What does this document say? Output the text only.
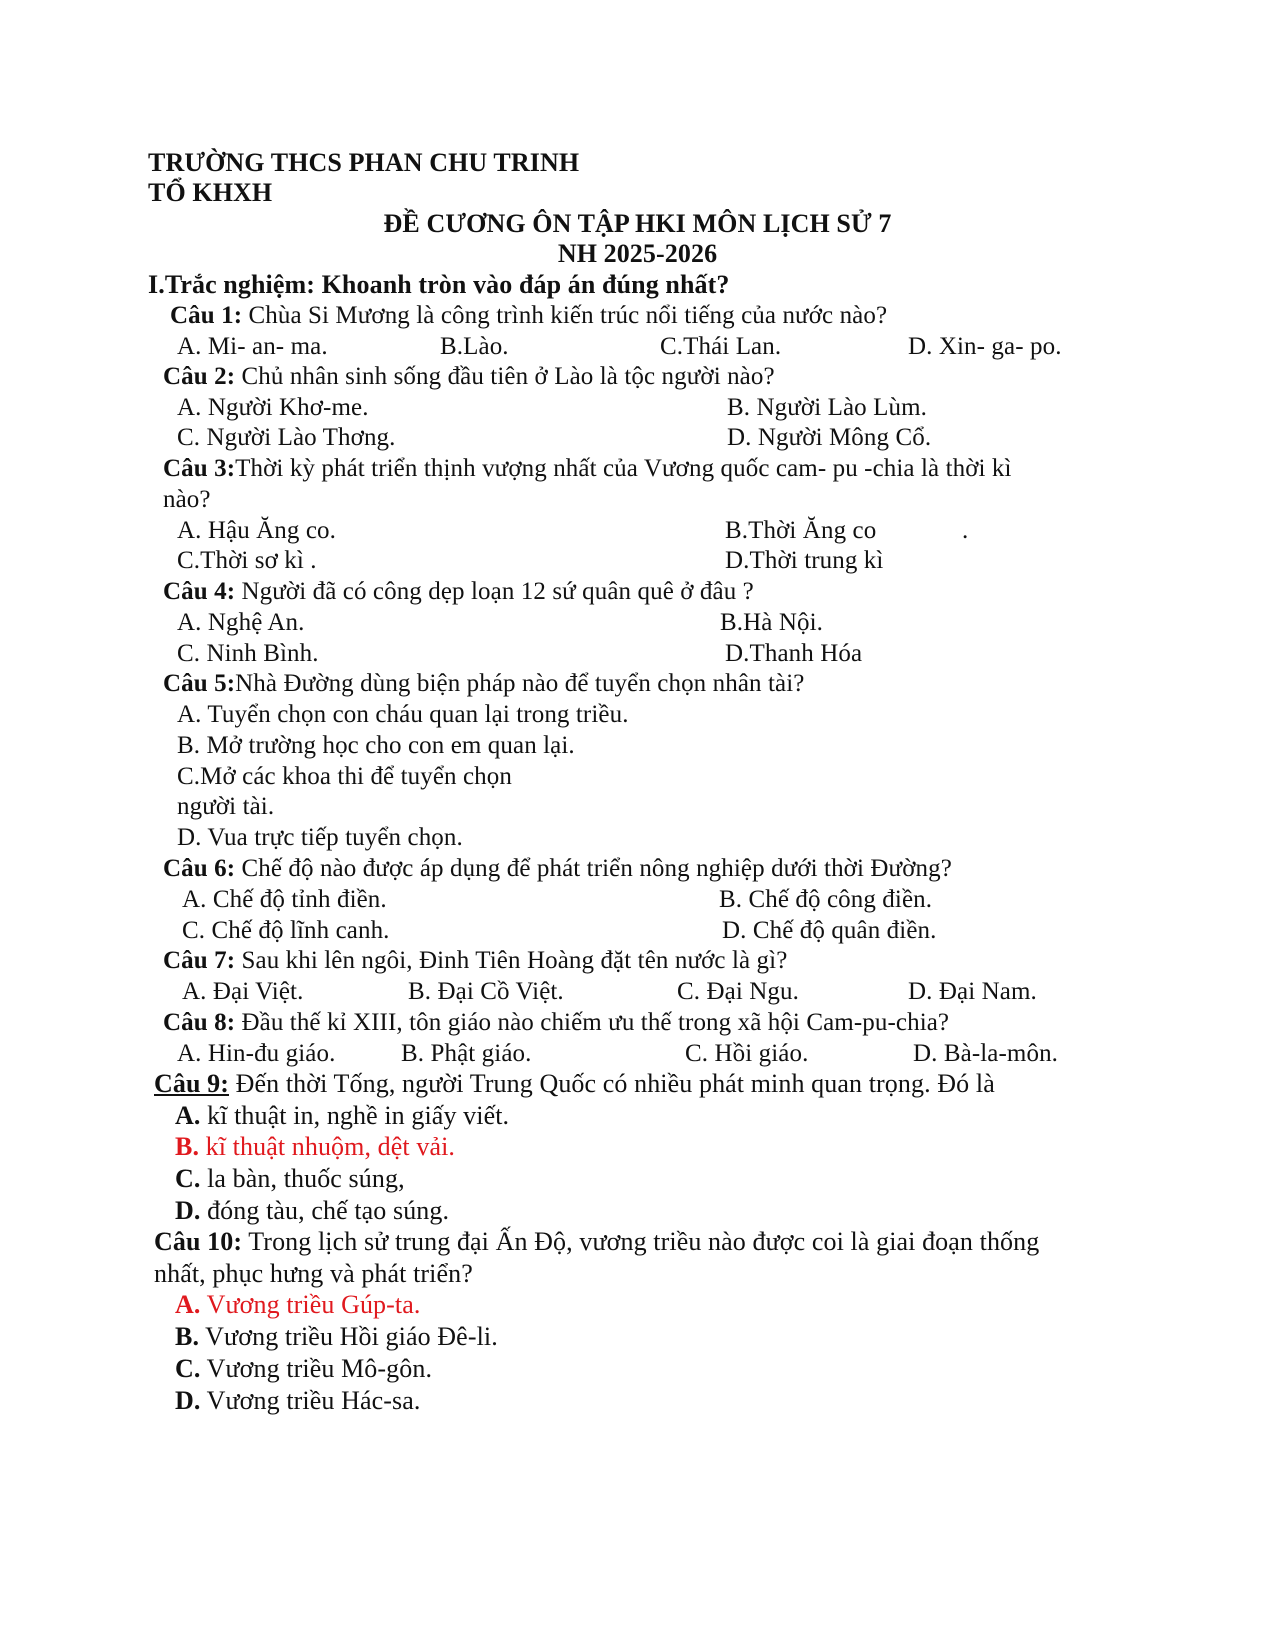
TRƯỜNG THCS PHAN CHU TRINH
TỔ KHXH
ĐỀ CƯƠNG ÔN TẬP HKI MÔN LỊCH SỬ 7
NH 2025-2026
I.Trắc nghiệm: Khoanh tròn vào đáp án đúng nhất?
Câu 1: Chùa Si Mương là công trình kiến trúc nổi tiếng của nước nào?
A. Mi- an- ma.	B.Lào.	C.Thái Lan.	D. Xin- ga- po.
Câu 2: Chủ nhân sinh sống đầu tiên ở Lào là tộc người nào?
A. Người Khơ-me.	B. Người Lào Lùm.
C. Người Lào Thơng.	D. Người Mông Cổ.
Câu 3:Thời kỳ phát triển thịnh vượng nhất của Vương quốc cam- pu -chia là thời kì
nào?
A. Hậu Ăng co.	B.Thời Ăng co	.
C.Thời sơ kì .	D.Thời trung kì
Câu 4: Người đã có công dẹp loạn 12 sứ quân quê ở đâu ?
A. Nghệ An.	B.Hà Nội.
C. Ninh Bình.	D.Thanh Hóa
Câu 5:Nhà Đường dùng biện pháp nào để tuyển chọn nhân tài?
A. Tuyển chọn con cháu quan lại trong triều.
B. Mở trường học cho con em quan lại.
C.Mở các khoa thi để tuyển chọn
người tài.
D. Vua trực tiếp tuyển chọn.
Câu 6: Chế độ nào được áp dụng để phát triển nông nghiệp dưới thời Đường?
A. Chế độ tỉnh điền.	B. Chế độ công điền.
C. Chế độ lĩnh canh.	D. Chế độ quân điền.
Câu 7: Sau khi lên ngôi, Đinh Tiên Hoàng đặt tên nước là gì?
A. Đại Việt.	B. Đại Cồ Việt.	C. Đại Ngu.	D. Đại Nam.
Câu 8: Đầu thế kỉ XIII, tôn giáo nào chiếm ưu thế trong xã hội Cam-pu-chia?
A. Hin-đu giáo.	B. Phật giáo.	C. Hồi giáo.	D. Bà-la-môn.
Câu 9: Đến thời Tống, người Trung Quốc có nhiều phát minh quan trọng. Đó là
A. kĩ thuật in, nghề in giấy viết.
B. kĩ thuật nhuộm, dệt vải.
C. la bàn, thuốc súng,
D. đóng tàu, chế tạo súng.
Câu 10: Trong lịch sử trung đại Ấn Độ, vương triều nào được coi là giai đoạn thống
nhất, phục hưng và phát triển?
A. Vương triều Gúp-ta.
B. Vương triều Hồi giáo Đê-li.
C. Vương triều Mô-gôn.
D. Vương triều Hác-sa.
